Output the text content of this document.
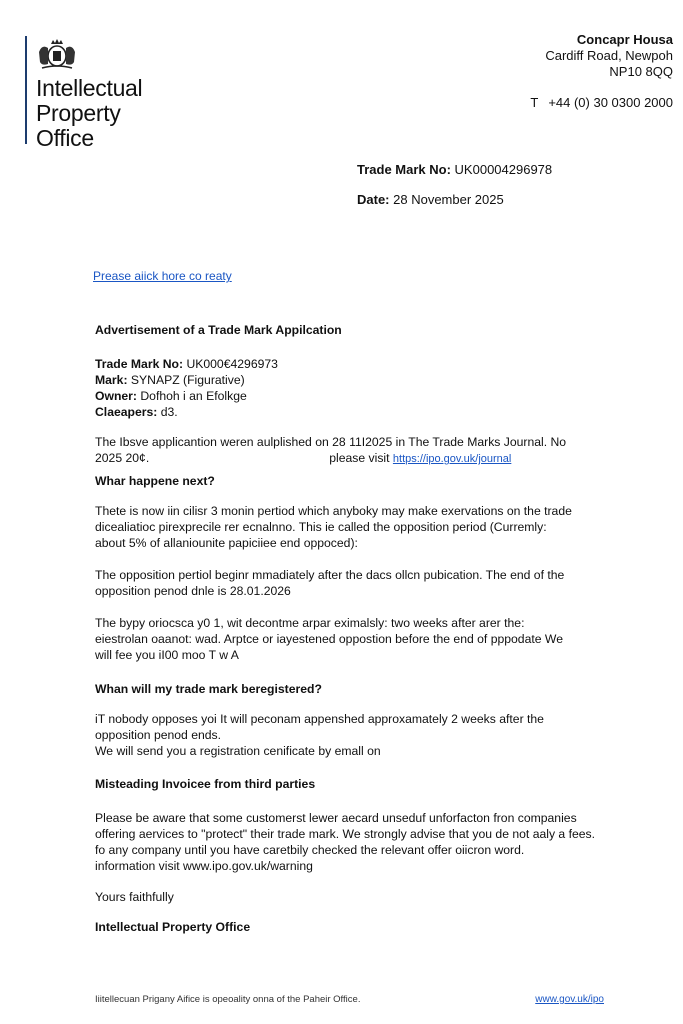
Intellectual
Property
Office
Concapr Housa
Cardiff Road, Newpoh
NP10 8QQ
T +44 (0) 30 0300 2000
Trade Mark No: UK00004296978
Date: 28 November 2025
Prease aiick hore co reaty
Advertisement of a Trade Mark Appilcation
Trade Mark No: UK000€4296973
Mark: SYNAPZ (Figurative)
Owner: Dofhoh i an Efolkge
Claeapers: d3.
The Ibsve applicantion weren aulplished on 28 11I2025 in The Trade Marks Journal. No
2025 20¢.	please visit https://ipo.gov.uk/journal
Whar happene next?
Thete is now iin cilisr 3 monin pertiod which anyboky may make exervations on the trade
dicealiatioc pirexprecile rer ecnalnno. This ie called the opposition period (Curremly:
about 5% of allaniounite papiciiee end oppoced):
The opposition pertiol beginr mmadiately after the dacs ollcn pubication. The end of the
opposition penod dnle is 28.01.2026
The bypy oriocsca y0 1, wit decontme arpar eximalsly: two weeks after arer the:
eiestrolan oaanot: wad. Arptce or iayestened oppostion before the end of pppodate We
will fee you iI00 moo T w A
Whan will my trade mark beregistered?
iT nobody opposes yoi It will peconam appenshed approxamately 2 weeks after the
opposition penod ends.
We will send you a registration cenificate by emall on
Misteading Invoicee from third parties
Please be aware that some customerst lewer aecard unseduf unforfacton fron companies
offering aervices to "protect" their trade mark. We strongly advise that you de not aaly a fees.
fo any company until you have caretbily checked the relevant offer oiicron word.
information visit www.ipo.gov.uk/warning
Yours faithfully
Intellectual Property Office
Iiitellecuan Prigany Aifice is opeoality onna of the Paheir Office.	www.gov.uk/ipo
